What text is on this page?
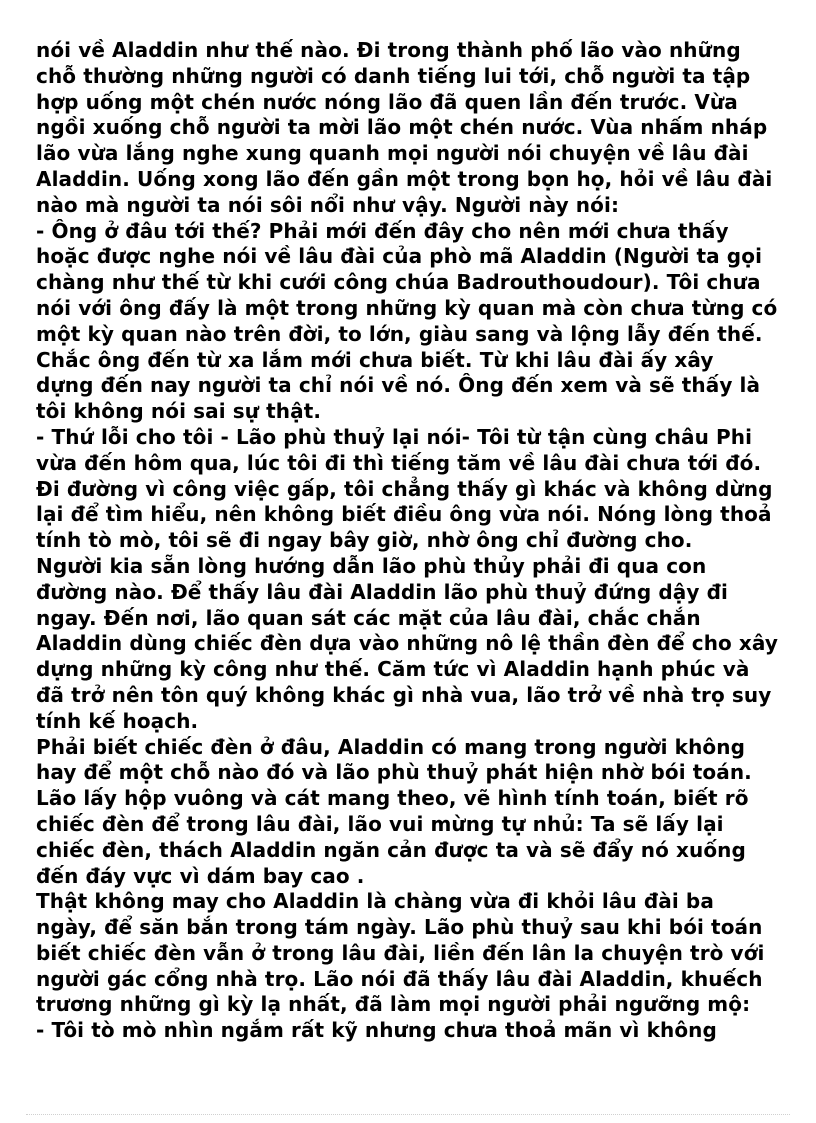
nói về Aladdin như thế nào. Đi trong thành phố lão vào những
chỗ thường những người có danh tiếng lui tới, chỗ người ta tập
hợp uống một chén nước nóng lão đã quen lần đến trước. Vừa
ngồi xuống chỗ người ta mời lão một chén nước. Vùa nhấm nháp
lão vừa lắng nghe xung quanh mọi người nói chuyện về lâu đài
Aladdin. Uống xong lão đến gần một trong bọn họ, hỏi về lâu đài
nào mà người ta nói sôi nổi như vậy. Người này nói:
- Ông ở đâu tới thế? Phải mới đến đây cho nên mới chưa thấy
hoặc được nghe nói về lâu đài của phò mã Aladdin (Người ta gọi
chàng như thế từ khi cưới công chúa Badrouthoudour). Tôi chưa
nói với ông đấy là một trong những kỳ quan mà còn chưa từng có
một kỳ quan nào trên đời, to lớn, giàu sang và lộng lẫy đến thế.
Chắc ông đến từ xa lắm mới chưa biết. Từ khi lâu đài ấy xây
dựng đến nay người ta chỉ nói về nó. Ông đến xem và sẽ thấy là
tôi không nói sai sự thật.
- Thứ lỗi cho tôi - Lão phù thuỷ lại nói- Tôi từ tận cùng châu Phi
vừa đến hôm qua, lúc tôi đi thì tiếng tăm về lâu đài chưa tới đó.
Đi đường vì công việc gấp, tôi chẳng thấy gì khác và không dừng
lại để tìm hiểu, nên không biết điều ông vừa nói. Nóng lòng thoả
tính tò mò, tôi sẽ đi ngay bây giờ, nhờ ông chỉ đường cho.
Người kia sẵn lòng hướng dẫn lão phù thủy phải đi qua con
đường nào. Để thấy lâu đài Aladdin lão phù thuỷ đứng dậy đi
ngay. Đến nơi, lão quan sát các mặt của lâu đài, chắc chắn
Aladdin dùng chiếc đèn dựa vào những nô lệ thần đèn để cho xây
dựng những kỳ công như thế. Căm tức vì Aladdin hạnh phúc và
đã trở nên tôn quý không khác gì nhà vua, lão trở về nhà trọ suy
tính kế hoạch.
Phải biết chiếc đèn ở đâu, Aladdin có mang trong người không
hay để một chỗ nào đó và lão phù thuỷ phát hiện nhờ bói toán.
Lão lấy hộp vuông và cát mang theo, vẽ hình tính toán, biết rõ
chiếc đèn để trong lâu đài, lão vui mừng tự nhủ: Ta sẽ lấy lại
chiếc đèn, thách Aladdin ngăn cản được ta và sẽ đẩy nó xuống
đến đáy vực vì dám bay cao .
Thật không may cho Aladdin là chàng vừa đi khỏi lâu đài ba
ngày, để săn bắn trong tám ngày. Lão phù thuỷ sau khi bói toán
biết chiếc đèn vẫn ở trong lâu đài, liền đến lân la chuyện trò với
người gác cổng nhà trọ. Lão nói đã thấy lâu đài Aladdin, khuếch
trương những gì kỳ lạ nhất, đã làm mọi người phải ngưỡng mộ:
- Tôi tò mò nhìn ngắm rất kỹ nhưng chưa thoả mãn vì không
